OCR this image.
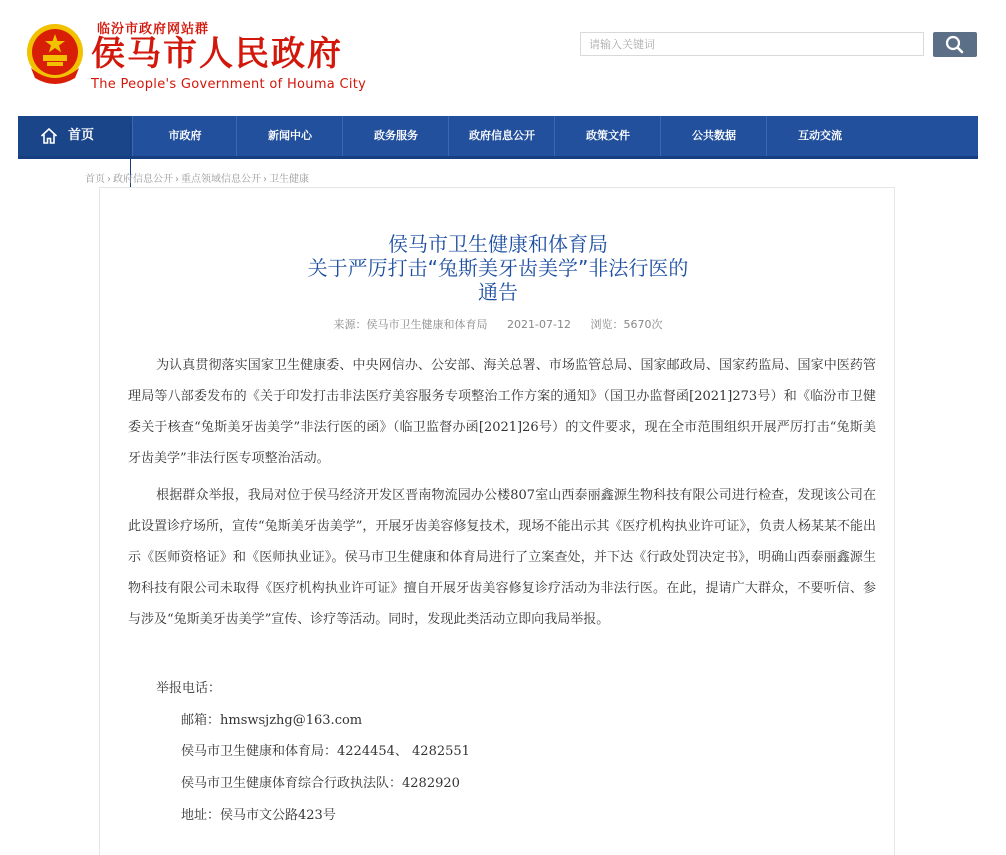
临汾市政府网站群
侯马市人民政府
The People's Government of Houma City
请输入关键词
首页	市政府	新闻中心	政务服务	政府信息公开	政策文件	公共数据	互动交流
首页 › 政府信息公开 › 重点领域信息公开 › 卫生健康
侯马市卫生健康和体育局
关于严厉打击“兔斯美牙齿美学”非法行医的
通告
来源：侯马市卫生健康和体育局 2021-07-12 浏览：5670次
为认真贯彻落实国家卫生健康委、中央网信办、公安部、海关总署、市场监管总局、国家邮政局、国家药监局、国家中医药管理局等八部委发布的《关于印发打击非法医疗美容服务专项整治工作方案的通知》（国卫办监督函[2021]273号）和《临汾市卫健委关于核查“兔斯美牙齿美学”非法行医的函》（临卫监督办函[2021]26号）的文件要求，现在全市范围组织开展严厉打击“兔斯美牙齿美学”非法行医专项整治活动。
根据群众举报，我局对位于侯马经济开发区晋南物流园办公楼807室山西泰丽鑫源生物科技有限公司进行检查，发现该公司在此设置诊疗场所，宣传“兔斯美牙齿美学”，开展牙齿美容修复技术，现场不能出示其《医疗机构执业许可证》，负责人杨某某不能出示《医师资格证》和《医师执业证》。侯马市卫生健康和体育局进行了立案查处，并下达《行政处罚决定书》，明确山西泰丽鑫源生物科技有限公司未取得《医疗机构执业许可证》擅自开展牙齿美容修复诊疗活动为非法行医。在此，提请广大群众，不要听信、参与涉及“兔斯美牙齿美学”宣传、诊疗等活动。同时，发现此类活动立即向我局举报。
举报电话：
邮箱：hmswsjzhg@163.com
侯马市卫生健康和体育局：4224454、 4282551
侯马市卫生健康体育综合行政执法队：4282920
地址：侯马市文公路423号
